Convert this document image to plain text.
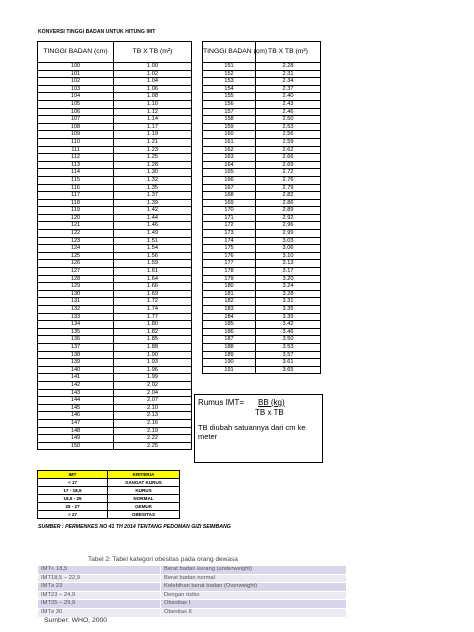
KONVERSI TINGGI BADAN UNTUK HITUNG IMT
TINGGI BADAN (cm)	TB X TB (m²)
100	1.00
101	1.02
102	1.04
103	1.06
104	1.08
105	1.10
106	1.12
107	1.14
108	1.17
109	1.19
110	1.21
111	1.23
112	1.25
113	1.28
114	1.30
115	1.32
116	1.35
117	1.37
118	1.39
119	1.42
120	1.44
121	1.46
122	1.49
123	1.51
124	1.54
125	1.56
126	1.59
127	1.61
128	1.64
129	1.66
130	1.69
131	1.72
132	1.74
133	1.77
134	1.80
135	1.82
136	1.85
137	1.88
138	1.90
139	1.93
140	1.96
141	1.99
142	2.02
143	2.04
144	2.07
145	2.10
146	2.13
147	2.16
148	2.19
149	2.22
150	2.25
TINGGI BADAN (cm)	TB X TB (m²)
151	2.28
152	2.31
153	2.34
154	2.37
155	2.40
156	2.43
157	2.46
158	2.50
159	2.53
160	2.56
161	2.59
162	2.62
163	2.66
164	2.69
165	2.72
166	2.76
167	2.79
168	2.82
169	2.86
170	2.89
171	2.92
172	2.96
173	2.99
174	3.03
175	3.06
176	3.10
177	3.13
178	3.17
179	3.20
180	3.24
181	3.28
182	3.31
183	3.35
184	3.39
185	3.42
186	3.46
187	3.50
188	3.53
189	3.57
190	3.61
191	3.65
Rumus IMT= BB (kg)
TB x TB
TB diubah satuannya dari cm ke meter
IMT	KRITERIA
< 17	SANGAT KURUS
17 - 18,5	KURUS
18,5 - 25	NORMAL
25 - 27	GEMUK
> 27	OBESITAS
SUMBER : PERMENKES NO 41 TH 2014 TENTANG PEDOMAN GIZI SEIMBANG
Tabel 2: Tabel kategori obesitas pada orang dewasa
IMT< 18,5	Berat badan kurang (underweight)
IMT18,5 – 22,9	Berat badan normal
IMT≥ 23	Kelebihan berat badan (Overweight)
IMT23 – 24,9	Dengan risiko
IMT25 – 29,9	Obesitas I
IMT≥ 30	Obesitas II
Sumber: WHO, 2000
